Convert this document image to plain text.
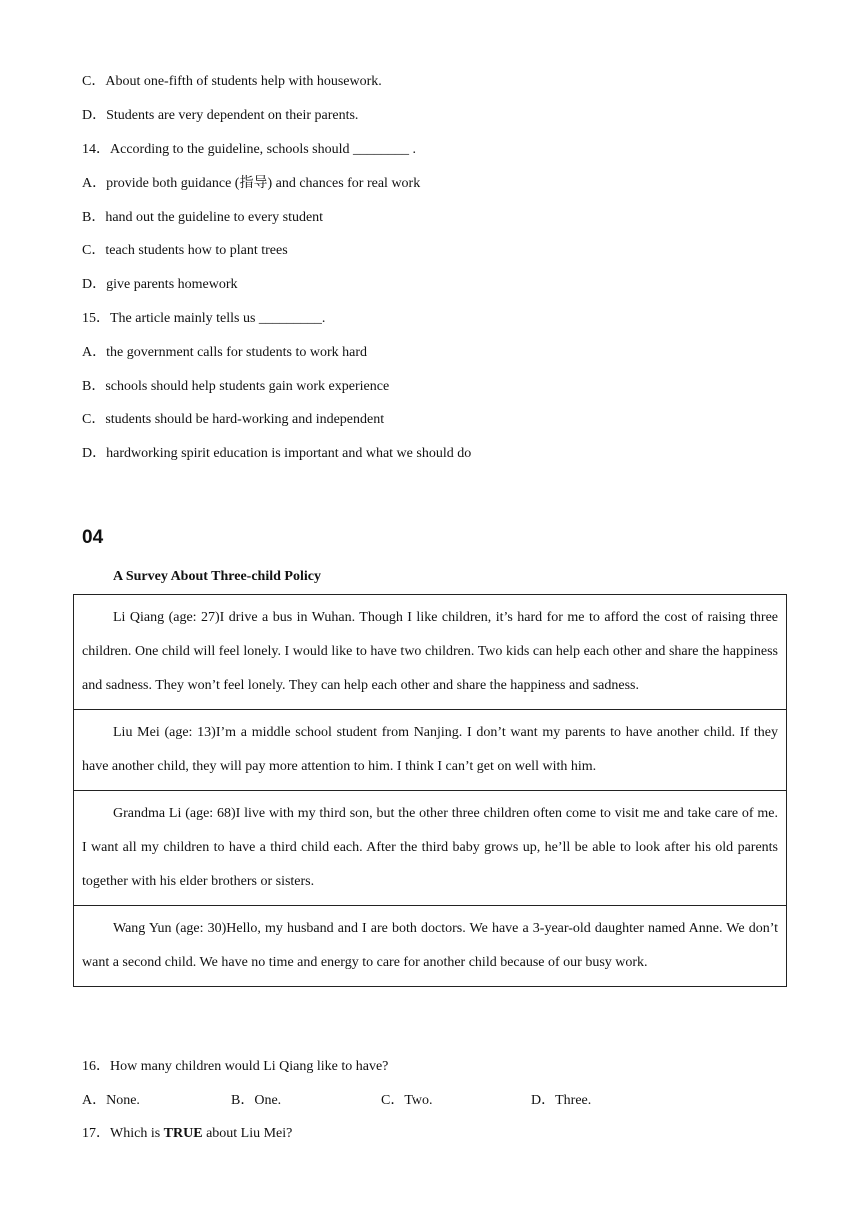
C．About one-fifth of students help with housework.
D．Students are very dependent on their parents.
14．According to the guideline, schools should ________ .
A．provide both guidance (指导) and chances for real work
B．hand out the guideline to every student
C．teach students how to plant trees
D．give parents homework
15．The article mainly tells us _________.
A．the government calls for students to work hard
B．schools should help students gain work experience
C．students should be hard-working and independent
D．hardworking spirit education is important and what we should do
04
A Survey About Three-child Policy
Li Qiang (age: 27)I drive a bus in Wuhan. Though I like children, it’s hard for me to afford the cost of raising three children. One child will feel lonely. I would like to have two children. Two kids can help each other and share the happiness and sadness. They won’t feel lonely. They can help each other and share the happiness and sadness.
Liu Mei (age: 13)I’m a middle school student from Nanjing. I don’t want my parents to have another child. If they have another child, they will pay more attention to him. I think I can’t get on well with him.
Grandma Li (age: 68)I live with my third son, but the other three children often come to visit me and take care of me. I want all my children to have a third child each. After the third baby grows up, he’ll be able to look after his old parents together with his elder brothers or sisters.
Wang Yun (age: 30)Hello, my husband and I are both doctors. We have a 3-year-old daughter named Anne. We don’t want a second child. We have no time and energy to care for another child because of our busy work.
16．How many children would Li Qiang like to have?
A．None.	B．One.	C．Two.	D．Three.
17．Which is TRUE about Liu Mei?
